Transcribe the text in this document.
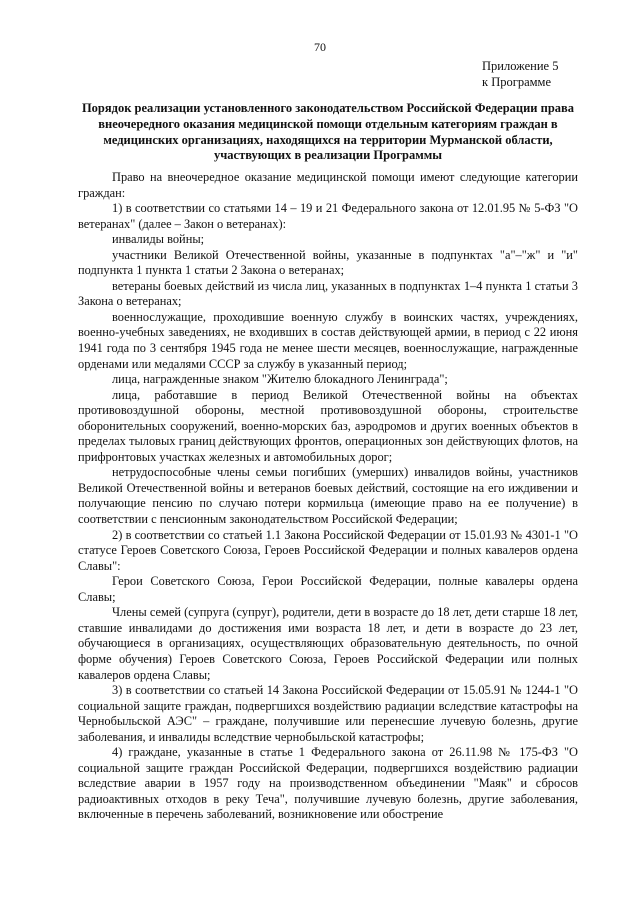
70
Приложение 5
к Программе
Порядок реализации установленного законодательством Российской Федерации права внеочередного оказания медицинской помощи отдельным категориям граждан в медицинских организациях, находящихся на территории Мурманской области, участвующих в реализации Программы

Право на внеочередное оказание медицинской помощи имеют следующие категории граждан:

1) в соответствии со статьями 14 – 19 и 21 Федерального закона от 12.01.95 № 5-ФЗ "О ветеранах" (далее – Закон о ветеранах):

инвалиды войны;

участники Великой Отечественной войны, указанные в подпунктах "а"–"ж" и "и" подпункта 1 пункта 1 статьи 2 Закона о ветеранах;

ветераны боевых действий из числа лиц, указанных в подпунктах 1–4 пункта 1 статьи 3 Закона о ветеранах;

военнослужащие, проходившие военную службу в воинских частях, учреждениях, военно-учебных заведениях, не входивших в состав действующей армии, в период с 22 июня 1941 года по 3 сентября 1945 года не менее шести месяцев, военнослужащие, награжденные орденами или медалями СССР за службу в указанный период;

лица, награжденные знаком "Жителю блокадного Ленинграда";

лица, работавшие в период Великой Отечественной войны на объектах противовоздушной обороны, местной противовоздушной обороны, строительстве оборонительных сооружений, военно-морских баз, аэродромов и других военных объектов в пределах тыловых границ действующих фронтов, операционных зон действующих флотов, на прифронтовых участках железных и автомобильных дорог;

нетрудоспособные члены семьи погибших (умерших) инвалидов войны, участников Великой Отечественной войны и ветеранов боевых действий, состоящие на его иждивении и получающие пенсию по случаю потери кормильца (имеющие право на ее получение) в соответствии с пенсионным законодательством Российской Федерации;

2) в соответствии со статьей 1.1 Закона Российской Федерации от 15.01.93 № 4301-1 "О статусе Героев Советского Союза, Героев Российской Федерации и полных кавалеров ордена Славы":

Герои Советского Союза, Герои Российской Федерации, полные кавалеры ордена Славы;

Члены семей (супруга (супруг), родители, дети в возрасте до 18 лет, дети старше 18 лет, ставшие инвалидами до достижения ими возраста 18 лет, и дети в возрасте до 23 лет, обучающиеся в организациях, осуществляющих образовательную деятельность, по очной форме обучения) Героев Советского Союза, Героев Российской Федерации или полных кавалеров ордена Славы;

3) в соответствии со статьей 14 Закона Российской Федерации от 15.05.91 № 1244-1 "О социальной защите граждан, подвергшихся воздействию радиации вследствие катастрофы на Чернобыльской АЭС" – граждане, получившие или перенесшие лучевую болезнь, другие заболевания, и инвалиды вследствие чернобыльской катастрофы;

4) граждане, указанные в статье 1 Федерального закона от 26.11.98 № 175-ФЗ "О социальной защите граждан Российской Федерации, подвергшихся воздействию радиации вследствие аварии в 1957 году на производственном объединении "Маяк" и сбросов радиоактивных отходов в реку Теча", получившие лучевую болезнь, другие заболевания, включенные в перечень заболеваний, возникновение или обострение
